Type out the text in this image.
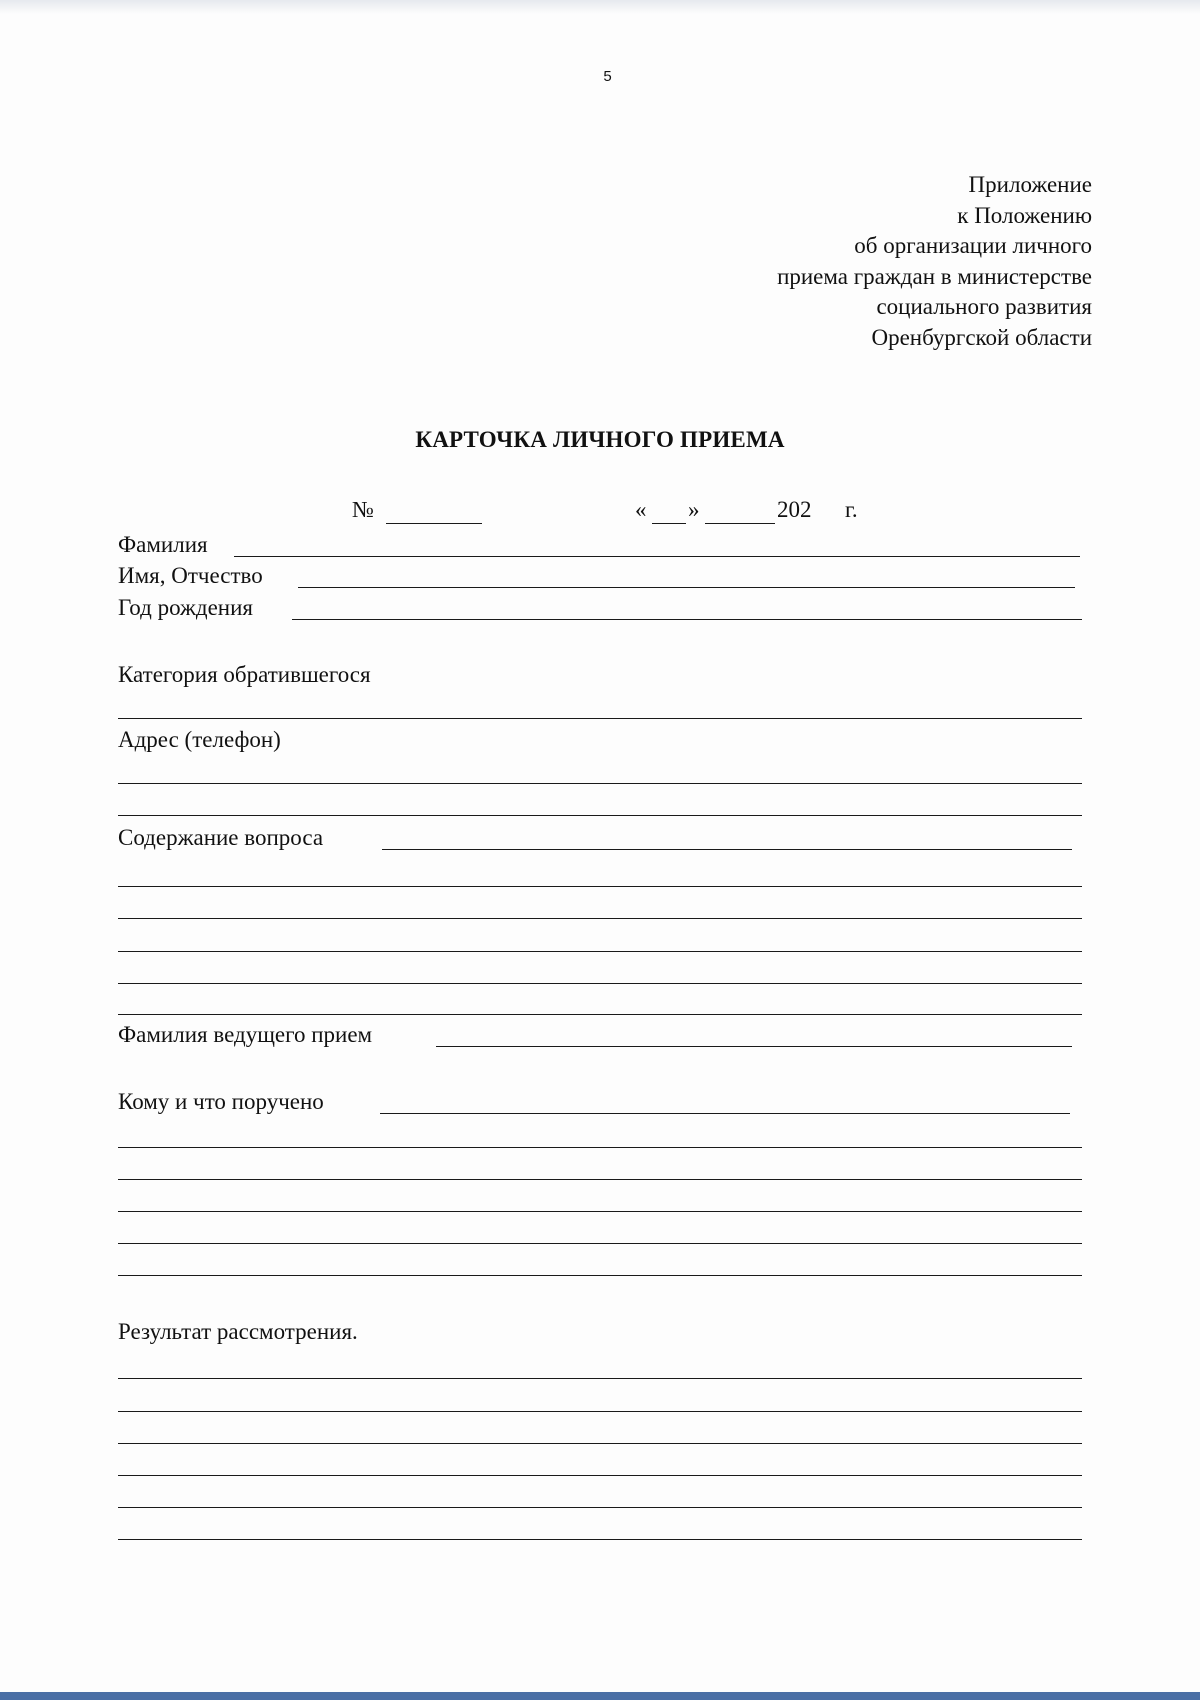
5
Приложение
к Положению
об организации личного
приема граждан в министерстве
социального развития
Оренбургской области
КАРТОЧКА ЛИЧНОГО ПРИЕМА
№	« »	202 г.
Фамилия
Имя, Отчество
Год рождения
Категория обратившегося
Адрес (телефон)
Содержание вопроса
Фамилия ведущего прием
Кому и что поручено
Результат рассмотрения.
